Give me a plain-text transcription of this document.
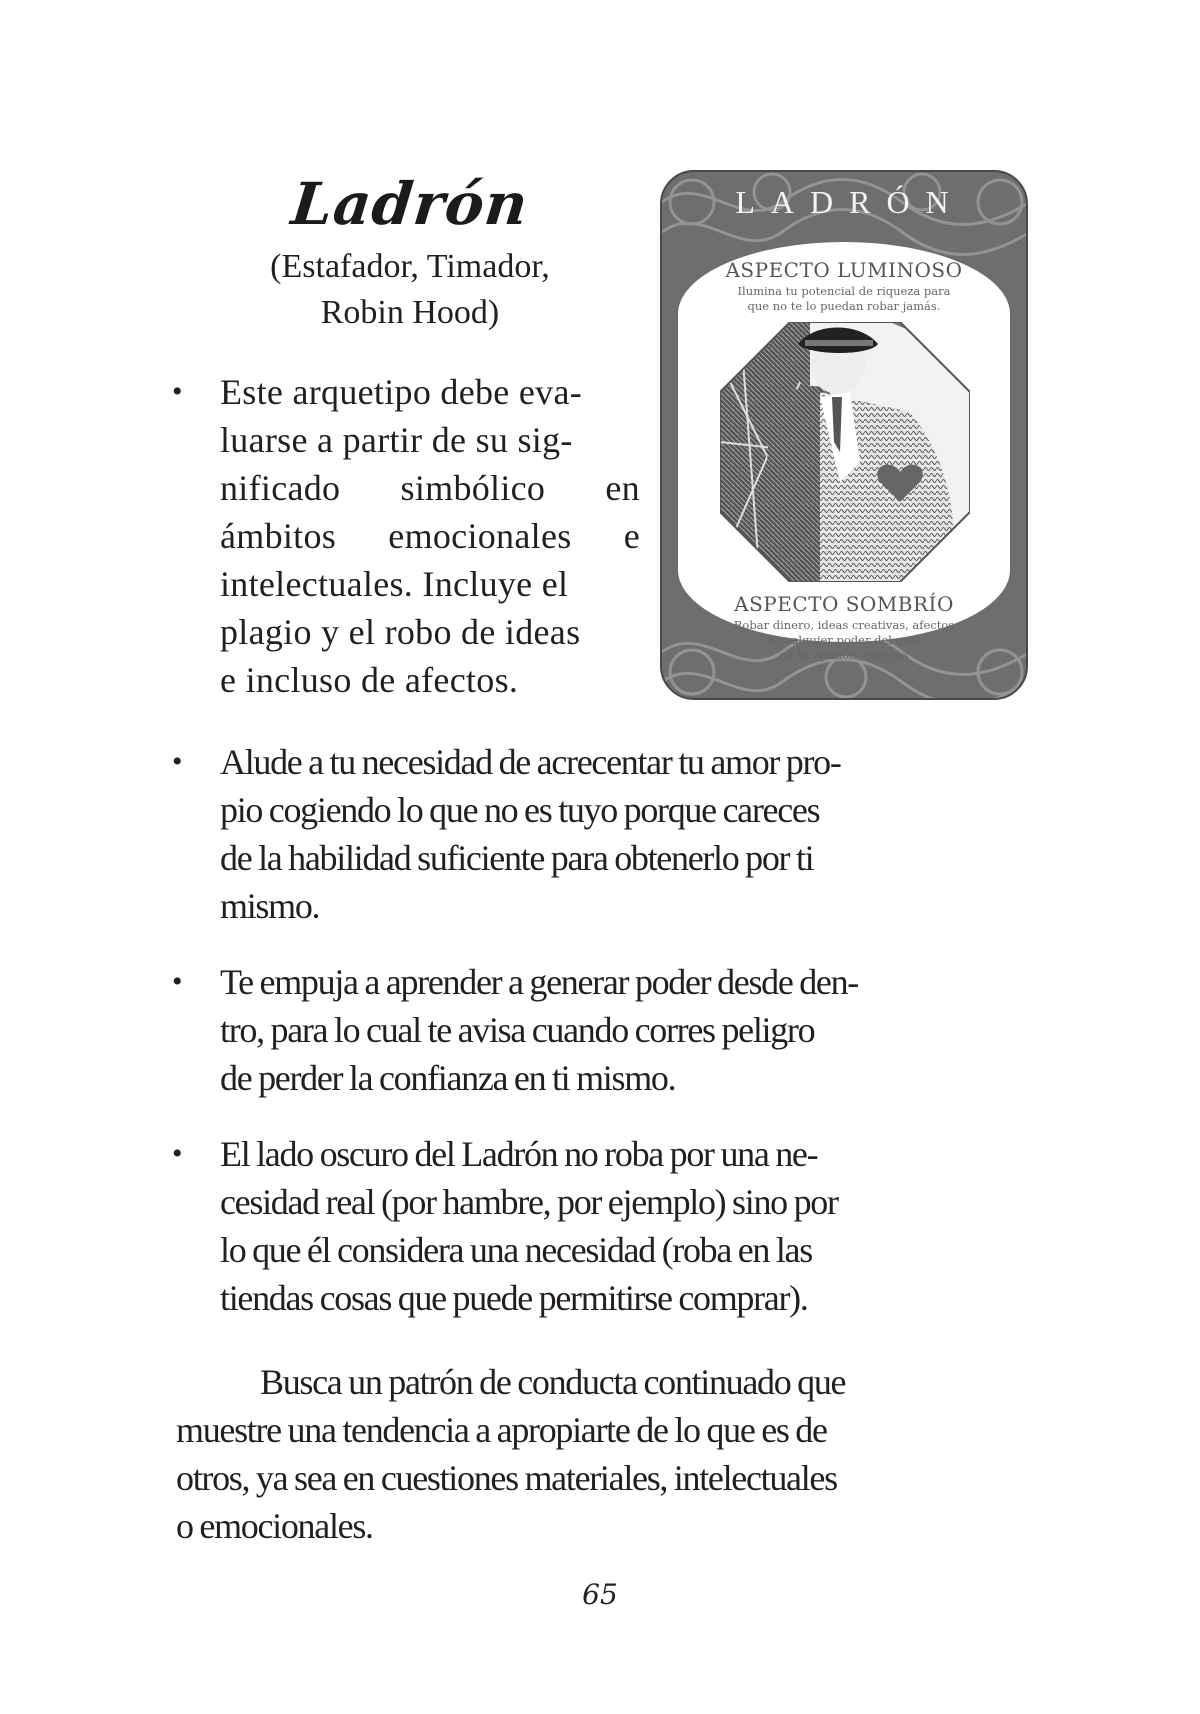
Ladrón
(Estafador, Timador,
Robin Hood)
LADRÓN
ASPECTO LUMINOSO
Ilumina tu potencial de riqueza para
que no te lo puedan robar jamás.
ASPECTO SOMBRÍO
Robar dinero, ideas creativas, afectos
o cualquier poder del que,
en tu opinión, careces
• Este arquetipo debe eva-
luarse a partir de su sig-
nificado simbólico en
ámbitos emocionales e
intelectuales. Incluye el
plagio y el robo de ideas
e incluso de afectos.
• Alude a tu necesidad de acrecentar tu amor pro-
pio cogiendo lo que no es tuyo porque careces
de la habilidad suficiente para obtenerlo por ti
mismo.
• Te empuja a aprender a generar poder desde den-
tro, para lo cual te avisa cuando corres peligro
de perder la confianza en ti mismo.
• El lado oscuro del Ladrón no roba por una ne-
cesidad real (por hambre, por ejemplo) sino por
lo que él considera una necesidad (roba en las
tiendas cosas que puede permitirse comprar).
Busca un patrón de conducta continuado que
muestre una tendencia a apropiarte de lo que es de
otros, ya sea en cuestiones materiales, intelectuales
o emocionales.
65
